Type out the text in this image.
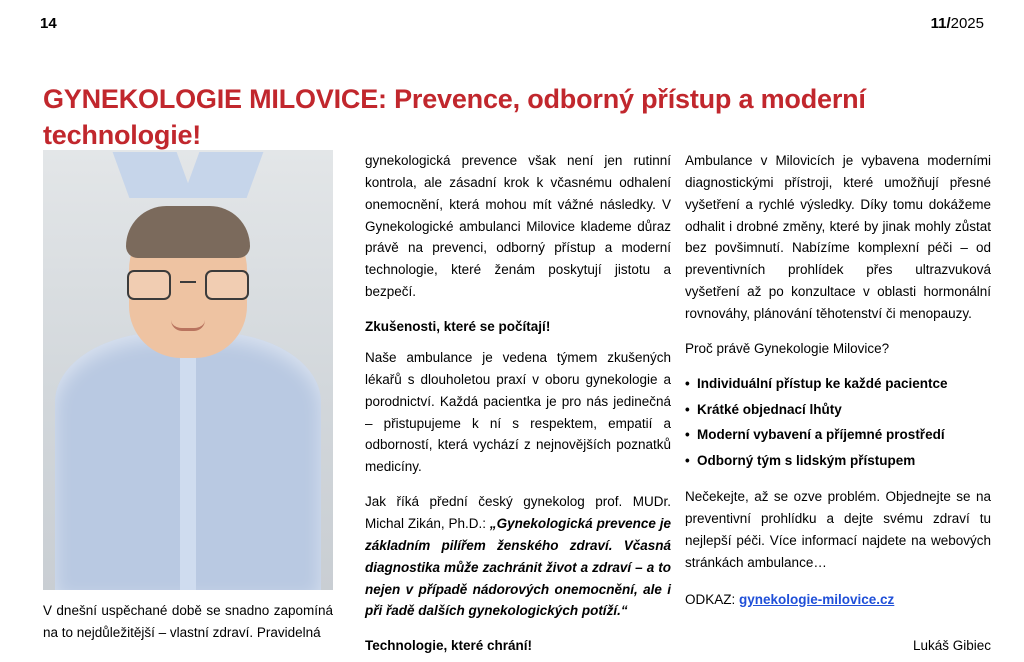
14	11/2025
GYNEKOLOGIE MILOVICE: Prevence, odborný přístup a moderní technologie!
V dnešní uspěchané době se snadno zapomíná na to nejdůležitější – vlastní zdraví. Pravidelná

gynekologická prevence však není jen rutinní kontrola, ale zásadní krok k včasnému odhalení onemocnění, která mohou mít vážné následky. V Gynekologické ambulanci Milovice klademe důraz právě na prevenci, odborný přístup a moderní technologie, které ženám poskytují jistotu a bezpečí.

Zkušenosti, které se počítají!

Naše ambulance je vedena týmem zkušených lékařů s dlouholetou praxí v oboru gynekologie a porodnictví. Každá pacientka je pro nás jedinečná – přistupujeme k ní s respektem, empatií a odborností, která vychází z nejnovějších poznatků medicíny.

Jak říká přední český gynekolog prof. MUDr. Michal Zikán, Ph.D.: „Gynekologická prevence je základním pilířem ženského zdraví. Včasná diagnostika může zachránit život a zdraví – a to nejen v případě nádorových onemocnění, ale i při řadě dalších gynekologických potíží.“

Ambulance v Milovicích je vybavena moderními diagnostickými přístroji, které umožňují přesné vyšetření a rychlé výsledky. Díky tomu dokážeme odhalit i drobné změny, které by jinak mohly zůstat bez povšimnutí. Nabízíme komplexní péči – od preventivních prohlídek přes ultrazvuková vyšetření až po konzultace v oblasti hormonální rovnováhy, plánování těhotenství či menopauzy.

Proč právě Gynekologie Milovice?

• Individuální přístup ke každé pacientce
• Krátké objednací lhůty
• Moderní vybavení a příjemné prostředí
• Odborný tým s lidským přístupem

Nečekejte, až se ozve problém. Objednejte se na preventivní prohlídku a dejte svému zdraví tu nejlepší péči. Více informací najdete na webových stránkách ambulance…

ODKAZ: gynekologie-milovice.cz

Technologie, které chrání!	Lukáš Gibiec
